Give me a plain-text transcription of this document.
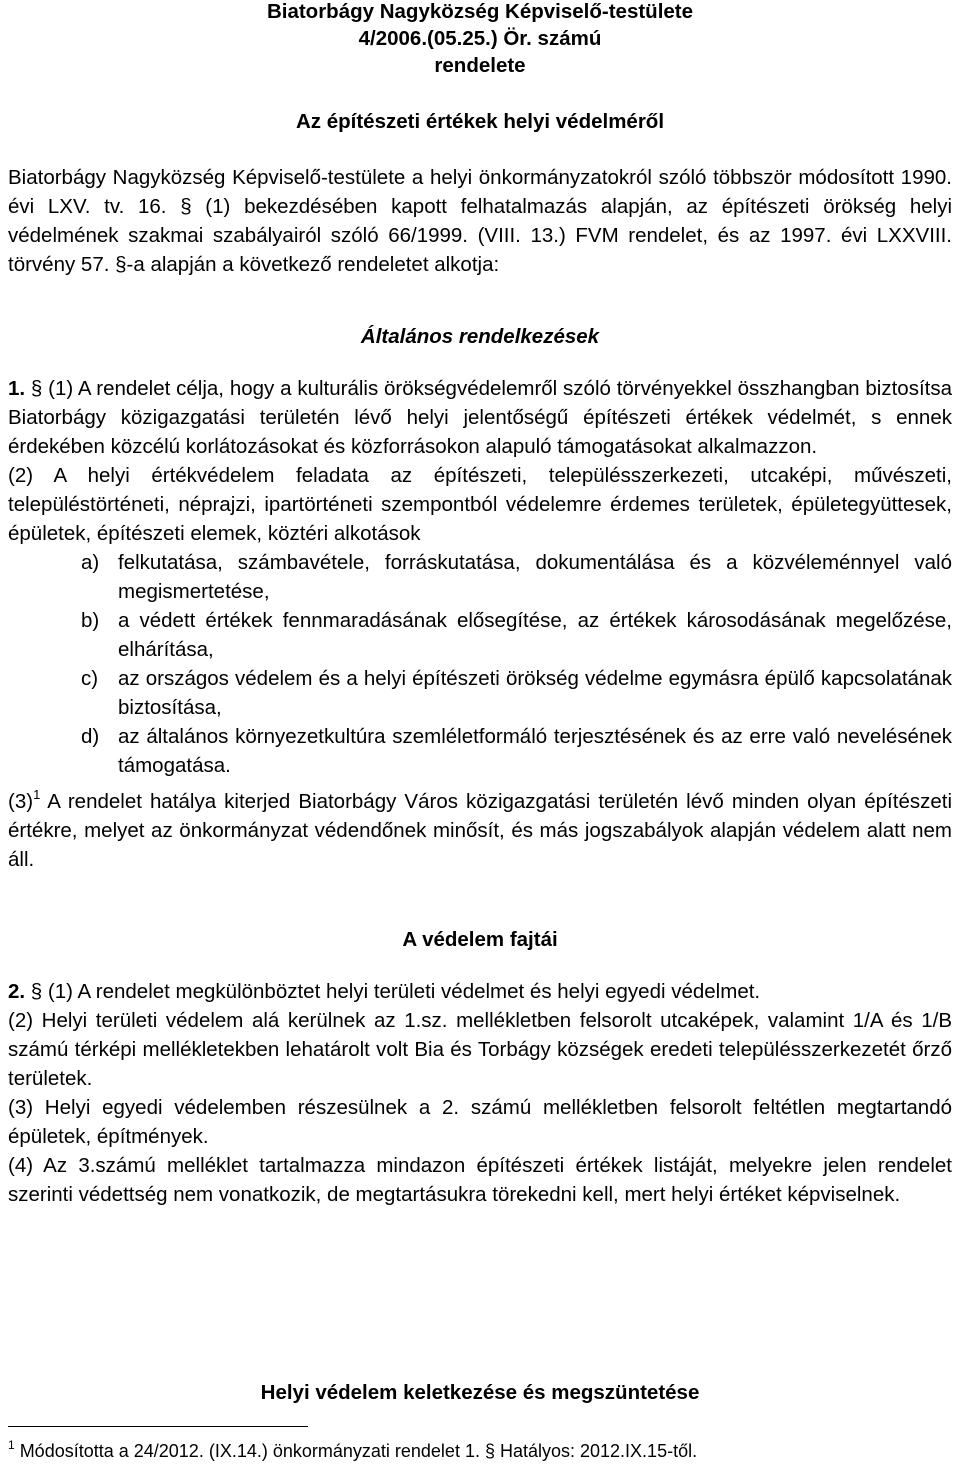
Biatorbágy Nagyközség Képviselő-testülete
4/2006.(05.25.) Ör. számú
rendelete
Az építészeti értékek helyi védelméről

Biatorbágy Nagyközség Képviselő-testülete a helyi önkormányzatokról szóló többször módosított 1990. évi LXV. tv. 16. § (1) bekezdésében kapott felhatalmazás alapján, az építészeti örökség helyi védelmének szakmai szabályairól szóló 66/1999. (VIII. 13.) FVM rendelet, és az 1997. évi LXXVIII. törvény 57. §-a alapján a következő rendeletet alkotja:

Általános rendelkezések

1. § (1) A rendelet célja, hogy a kulturális örökségvédelemről szóló törvényekkel összhangban biztosítsa Biatorbágy közigazgatási területén lévő helyi jelentőségű építészeti értékek védelmét, s ennek érdekében közcélú korlátozásokat és közforrásokon alapuló támogatásokat alkalmazzon.

(2) A helyi értékvédelem feladata az építészeti, településszerkezeti, utcaképi, művészeti, településtörténeti, néprajzi, ipartörténeti szempontból védelemre érdemes területek, épületegyüttesek, épületek, építészeti elemek, köztéri alkotások

a) felkutatása, számbavétele, forráskutatása, dokumentálása és a közvéleménnyel való megismertetése,
b) a védett értékek fennmaradásának elősegítése, az értékek károsodásának megelőzése, elhárítása,
c) az országos védelem és a helyi építészeti örökség védelme egymásra épülő kapcsolatának biztosítása,
d) az általános környezetkultúra szemléletformáló terjesztésének és az erre való nevelésének támogatása.

$(3)^1$ A rendelet hatálya kiterjed Biatorbágy Város közigazgatási területén lévő minden olyan építészeti értékre, melyet az önkormányzat védendőnek minősít, és más jogszabályok alapján védelem alatt nem áll.

A védelem fajtái

2. § (1) A rendelet megkülönböztet helyi területi védelmet és helyi egyedi védelmet.

(2) Helyi területi védelem alá kerülnek az 1.sz. mellékletben felsorolt utcaképek, valamint 1/A és 1/B számú térképi mellékletekben lehatárolt volt Bia és Torbágy községek eredeti településszerkezetét őrző területek.

(3) Helyi egyedi védelemben részesülnek a 2. számú mellékletben felsorolt feltétlen megtartandó épületek, építmények.

(4) Az 3.számú melléklet tartalmazza mindazon építészeti értékek listáját, melyekre jelen rendelet szerinti védettség nem vonatkozik, de megtartásukra törekedni kell, mert helyi értéket képviselnek.

Helyi védelem keletkezése és megszüntetése

$^1$ Módosította a 24/2012. (IX.14.) önkormányzati rendelet 1. § Hatályos: 2012.IX.15-től.
